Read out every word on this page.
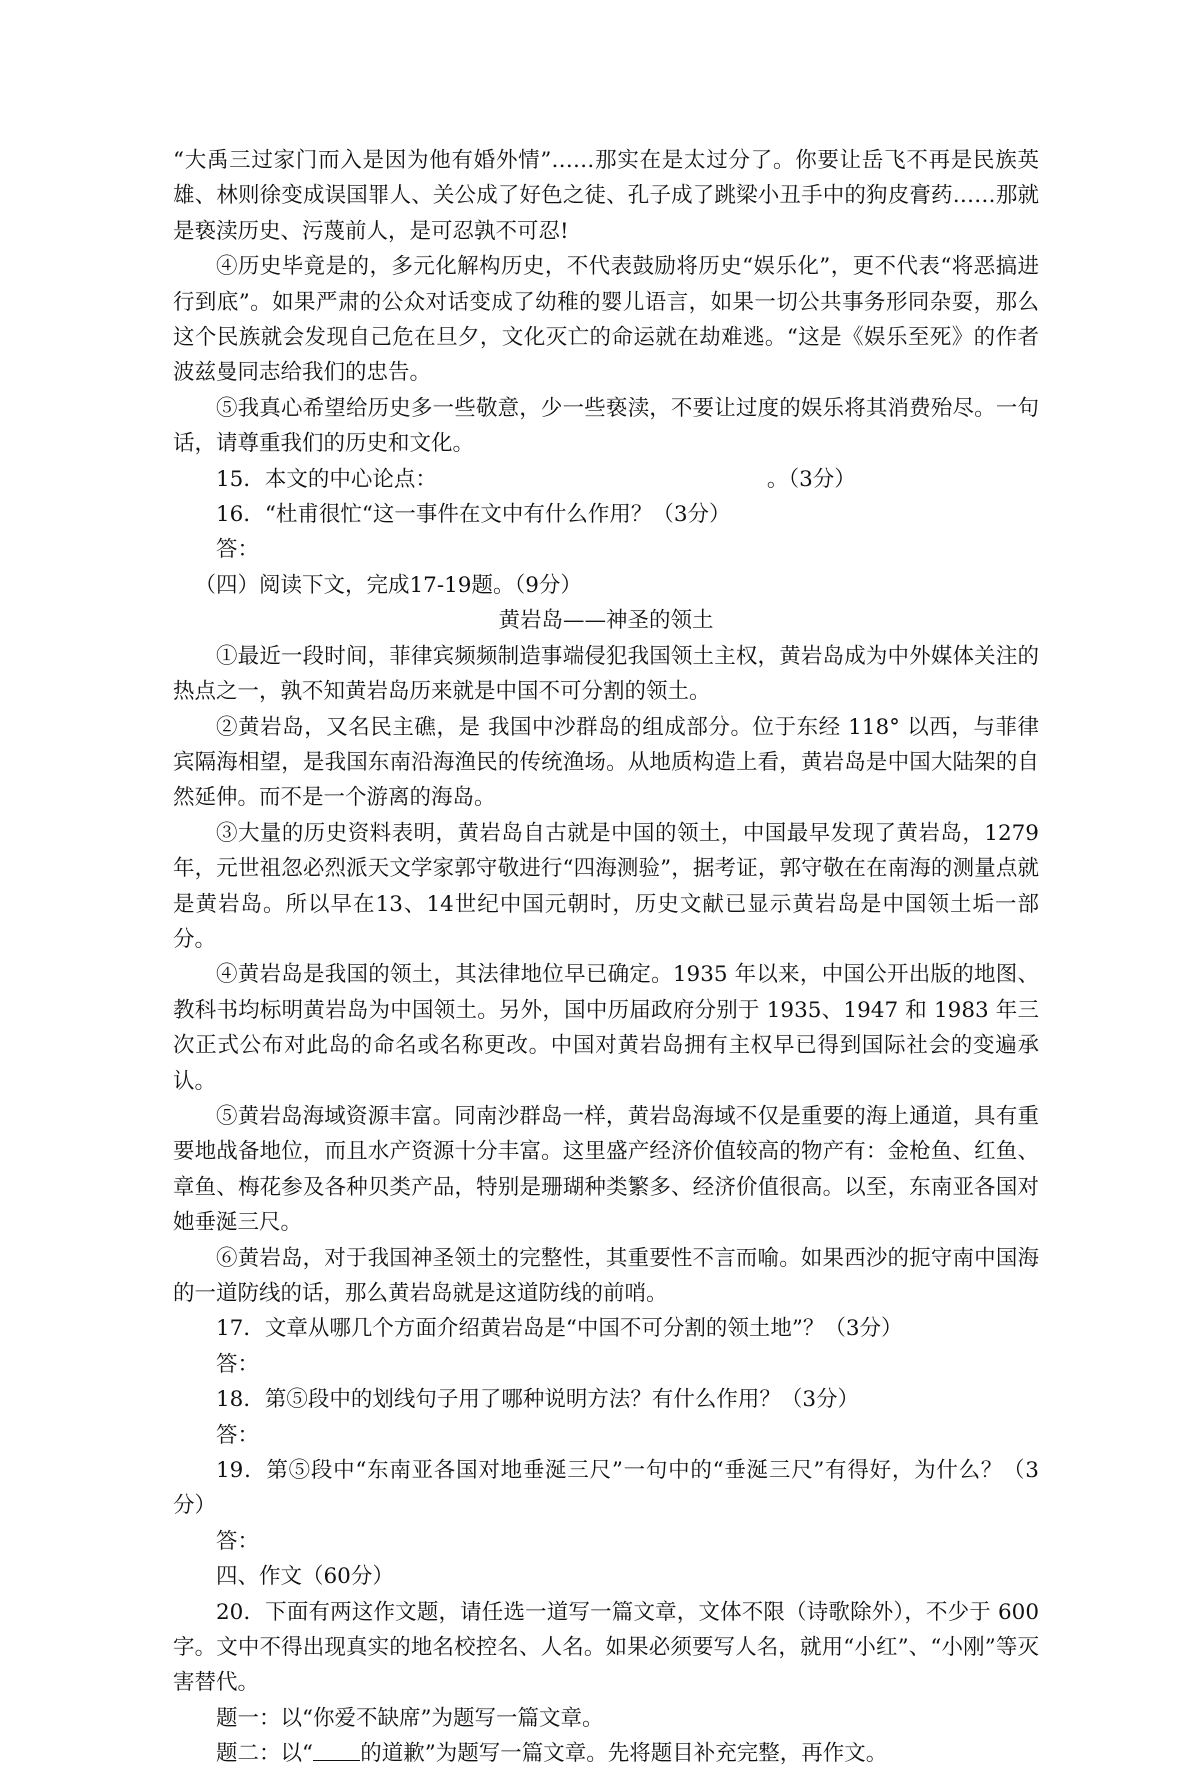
“大禹三过家门而入是因为他有婚外情”……那实在是太过分了。你要让岳飞不再是民族英雄、林则徐变成误国罪人、关公成了好色之徒、孔子成了跳梁小丑手中的狗皮膏药……那就是亵渎历史、污蔑前人，是可忍孰不可忍!

④历史毕竟是的，多元化解构历史，不代表鼓励将历史“娱乐化”，更不代表“将恶搞进行到底”。如果严肃的公众对话变成了幼稚的婴儿语言，如果一切公共事务形同杂耍，那么这个民族就会发现自己危在旦夕，文化灭亡的命运就在劫难逃。“这是《娱乐至死》的作者波兹曼同志给我们的忠告。

⑤我真心希望给历史多一些敬意，少一些亵渎，不要让过度的娱乐将其消费殆尽。一句话，请尊重我们的历史和文化。

15．本文的中心论点：	。（3分）

16．“杜甫很忙“这一事件在文中有什么作用？（3分）

答：

（四）阅读下文，完成17-19题。（9分）

黄岩岛——神圣的领土

①最近一段时间，菲律宾频频制造事端侵犯我国领土主权，黄岩岛成为中外媒体关注的热点之一，孰不知黄岩岛历来就是中国不可分割的领土。

②黄岩岛，又名民主礁，是 我国中沙群岛的组成部分。位于东经 118° 以西，与菲律宾隔海相望，是我国东南沿海渔民的传统渔场。从地质构造上看，黄岩岛是中国大陆架的自然延伸。而不是一个游离的海岛。

③大量的历史资料表明，黄岩岛自古就是中国的领土，中国最早发现了黄岩岛，1279年，元世祖忽必烈派天文学家郭守敬进行“四海测验”，据考证，郭守敬在在南海的测量点就是黄岩岛。所以早在13、14世纪中国元朝时，历史文献已显示黄岩岛是中国领土垢一部分。

④黄岩岛是我国的领土，其法律地位早已确定。1935 年以来，中国公开出版的地图、教科书均标明黄岩岛为中国领土。另外，国中历届政府分别于 1935、1947 和 1983 年三次正式公布对此岛的命名或名称更改。中国对黄岩岛拥有主权早已得到国际社会的变遍承认。

⑤黄岩岛海域资源丰富。同南沙群岛一样，黄岩岛海域不仅是重要的海上通道，具有重要地战备地位，而且水产资源十分丰富。这里盛产经济价值较高的物产有：金枪鱼、红鱼、章鱼、梅花参及各种贝类产品，特别是珊瑚种类繁多、经济价值很高。以至，东南亚各国对她垂涎三尺。

⑥黄岩岛，对于我国神圣领土的完整性，其重要性不言而喻。如果西沙的扼守南中国海的一道防线的话，那么黄岩岛就是这道防线的前哨。

17．文章从哪几个方面介绍黄岩岛是“中国不可分割的领土地”？（3分）

答：

18．第⑤段中的划线句子用了哪种说明方法？有什么作用？（3分）

答：

19．第⑤段中“东南亚各国对地垂涎三尺”一句中的“垂涎三尺”有得好，为什么？（3分）

答：

四、作文（60分）

20．下面有两这作文题，请任选一道写一篇文章，文体不限（诗歌除外），不少于 600字。文中不得出现真实的地名校控名、人名。如果必须要写人名，就用“小红”、“小刚”等灭害替代。

题一：以“你爱不缺席”为题写一篇文章。

题二：以“ 的道歉”为题写一篇文章。先将题目补充完整，再作文。
